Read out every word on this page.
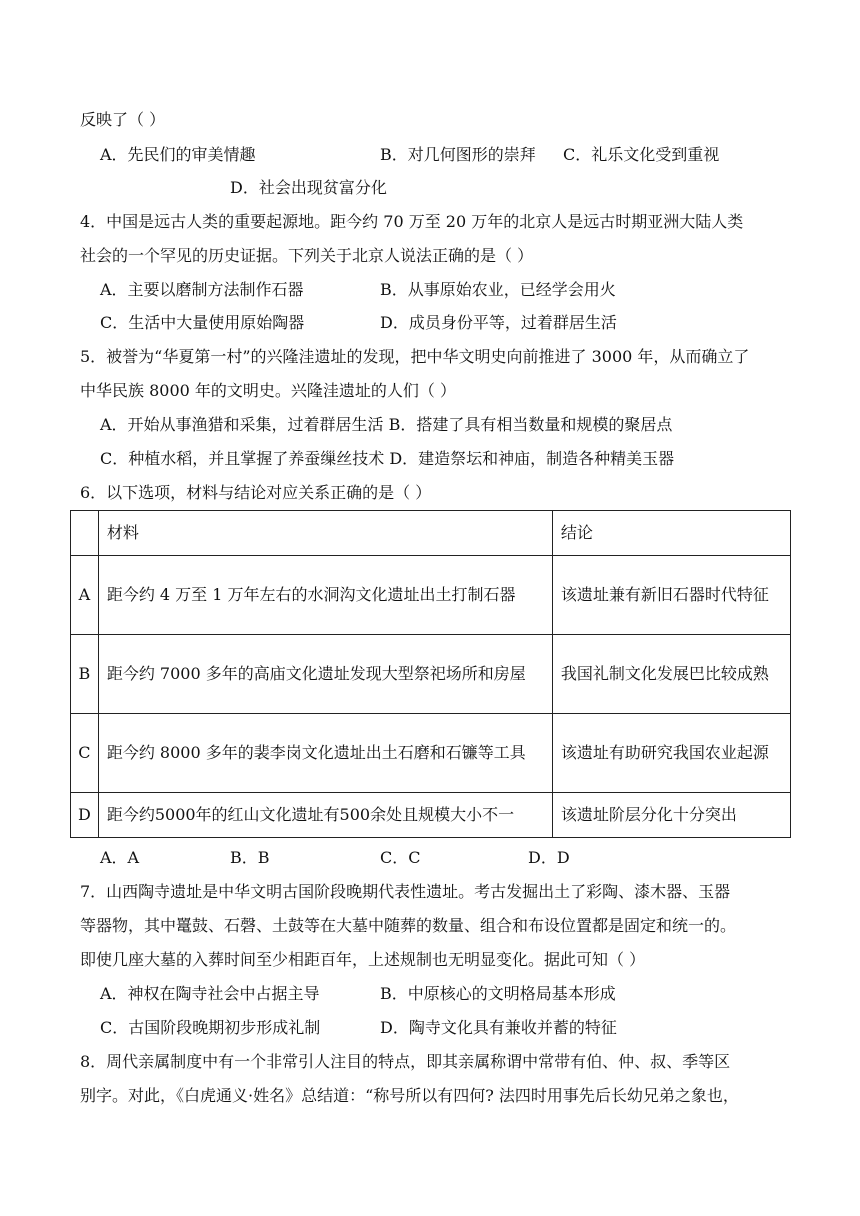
反映了（ ）
A．先民们的审美情趣	B．对几何图形的崇拜 C．礼乐文化受到重视
D．社会出现贫富分化
4．中国是远古人类的重要起源地。距今约 70 万至 20 万年的北京人是远古时期亚洲大陆人类
社会的一个罕见的历史证据。下列关于北京人说法正确的是（ ）
A．主要以磨制方法制作石器	B．从事原始农业，已经学会用火
C．生活中大量使用原始陶器	D．成员身份平等，过着群居生活
5．被誉为“华夏第一村”的兴隆洼遗址的发现，把中华文明史向前推进了 3000 年，从而确立了
中华民族 8000 年的文明史。兴隆洼遗址的人们（ ）
A．开始从事渔猎和采集，过着群居生活 B．搭建了具有相当数量和规模的聚居点
C．种植水稻，并且掌握了养蚕缫丝技术 D．建造祭坛和神庙，制造各种精美玉器
6．以下选项，材料与结论对应关系正确的是（ ）
	材料	结论
A	距今约 4 万至 1 万年左右的水洞沟文化遗址出土打制石器	该遗址兼有新旧石器时代特征
B	距今约 7000 多年的高庙文化遗址发现大型祭祀场所和房屋	我国礼制文化发展巴比较成熟
C	距今约 8000 多年的裴李岗文化遗址出土石磨和石镰等工具	该遗址有助研究我国农业起源
D	距今约5000年的红山文化遗址有500余处且规模大小不一	该遗址阶层分化十分突出
A．A	B．B	C．C	D．D
7．山西陶寺遗址是中华文明古国阶段晚期代表性遗址。考古发掘出土了彩陶、漆木器、玉器
等器物，其中鼍鼓、石磬、土鼓等在大墓中随葬的数量、组合和布设位置都是固定和统一的。
即使几座大墓的入葬时间至少相距百年，上述规制也无明显变化。据此可知（ ）
A．神权在陶寺社会中占据主导	B．中原核心的文明格局基本形成
C．古国阶段晚期初步形成礼制	D．陶寺文化具有兼收并蓄的特征
8．周代亲属制度中有一个非常引人注目的特点，即其亲属称谓中常带有伯、仲、叔、季等区
别字。对此，《白虎通义·姓名》总结道：“称号所以有四何? 法四时用事先后长幼兄弟之象也，
